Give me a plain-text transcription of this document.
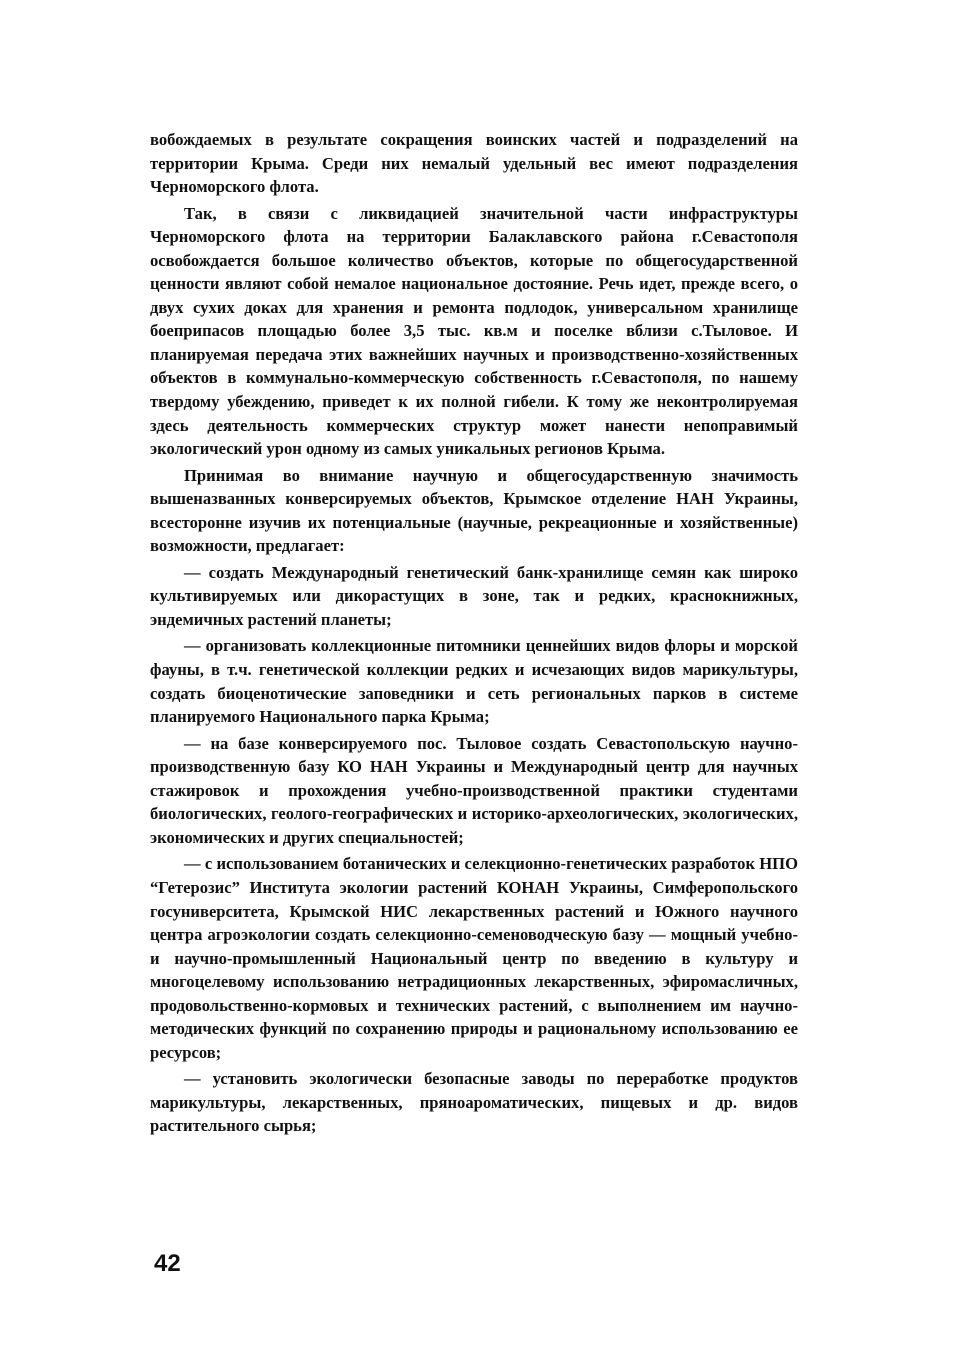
вобождаемых в результате сокращения воинских частей и подразделений на территории Крыма. Среди них немалый удельный вес имеют подразделения Черноморского флота.

Так, в связи с ликвидацией значительной части инфраструктуры Черноморского флота на территории Балаклавского района г.Севастополя освобождается большое количество объектов, которые по общегосударственной ценности являют собой немалое национальное достояние. Речь идет, прежде всего, о двух сухих доках для хранения и ремонта подлодок, универсальном хранилище боеприпасов площадью более 3,5 тыс. кв.м и поселке вблизи с.Тыловое. И планируемая передача этих важнейших научных и производственно-хозяйственных объектов в коммунально-коммерческую собственность г.Севастополя, по нашему твердому убеждению, приведет к их полной гибели. К тому же неконтролируемая здесь деятельность коммерческих структур может нанести непоправимый экологический урон одному из самых уникальных регионов Крыма.

Принимая во внимание научную и общегосударственную значимость вышеназванных конверсируемых объектов, Крымское отделение НАН Украины, всесторонне изучив их потенциальные (научные, рекреационные и хозяйственные) возможности, предлагает:

— создать Международный генетический банк-хранилище семян как широко культивируемых или дикорастущих в зоне, так и редких, краснокнижных, эндемичных растений планеты;

— организовать коллекционные питомники ценнейших видов флоры и морской фауны, в т.ч. генетической коллекции редких и исчезающих видов марикультуры, создать биоценотические заповедники и сеть региональных парков в системе планируемого Национального парка Крыма;

— на базе конверсируемого пос. Тыловое создать Севастопольскую научно-производственную базу КО НАН Украины и Международный центр для научных стажировок и прохождения учебно-производственной практики студентами биологических, геолого-географических и историко-археологических, экологических, экономических и других специальностей;

— с использованием ботанических и селекционно-генетических разработок НПО “Гетерозис” Института экологии растений КОНАН Украины, Симферопольского госуниверситета, Крымской НИС лекарственных растений и Южного научного центра агроэкологии создать селекционно-семеноводческую базу — мощный учебно- и научно-промышленный Национальный центр по введению в культуру и многоцелевому использованию нетрадиционных лекарственных, эфиромасличных, продовольственно-кормовых и технических растений, с выполнением им научно-методических функций по сохранению природы и рациональному использованию ее ресурсов;

— установить экологически безопасные заводы по переработке продуктов марикультуры, лекарственных, пряноароматических, пищевых и др. видов растительного сырья;

42
